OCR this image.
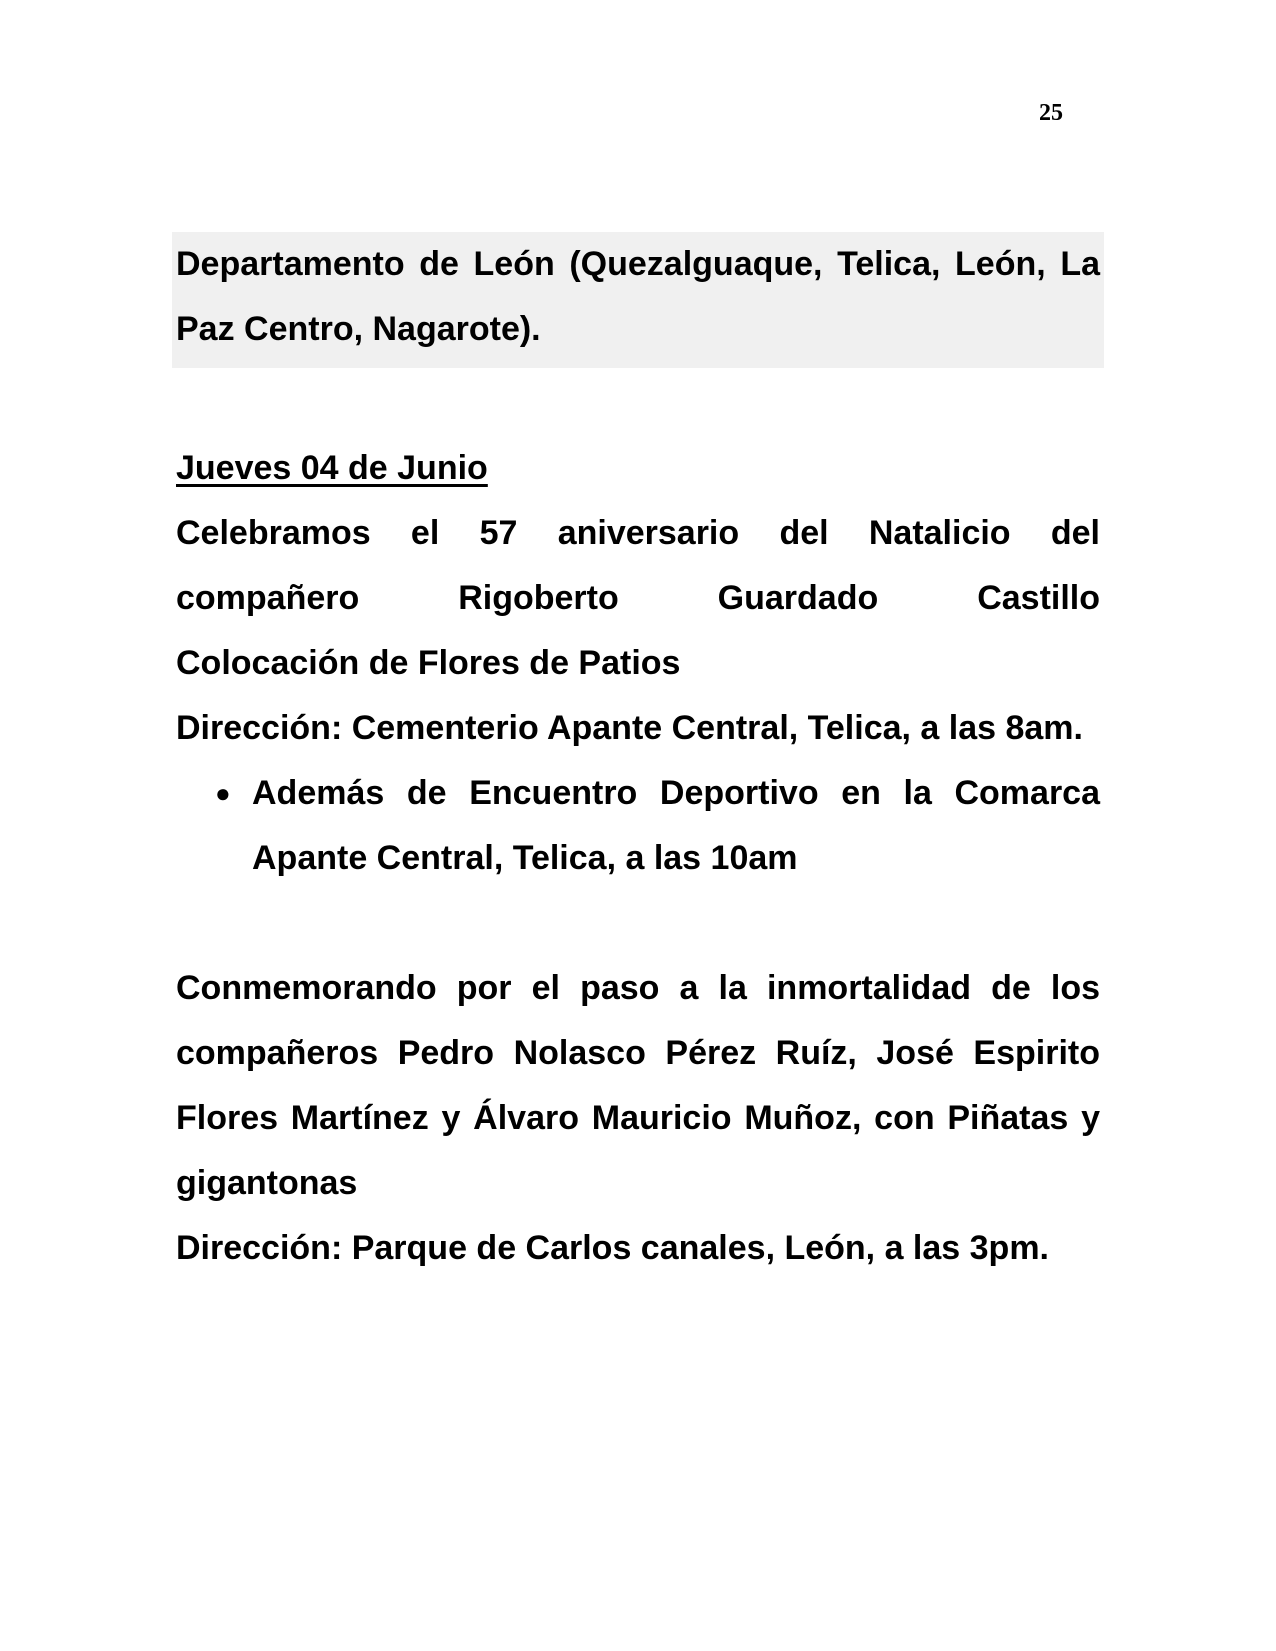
25
Departamento de León (Quezalguaque, Telica, León, La Paz Centro, Nagarote).
Jueves 04 de Junio
Celebramos el 57 aniversario del Natalicio del
compañero Rigoberto Guardado Castillo
Colocación de Flores de Patios
Dirección: Cementerio Apante Central, Telica, a las 8am.
● Además de Encuentro Deportivo en la Comarca Apante Central, Telica, a las 10am
Conmemorando por el paso a la inmortalidad de los compañeros Pedro Nolasco Pérez Ruíz, José Espirito Flores Martínez y Álvaro Mauricio Muñoz, con Piñatas y gigantonas
Dirección: Parque de Carlos canales, León, a las 3pm.
